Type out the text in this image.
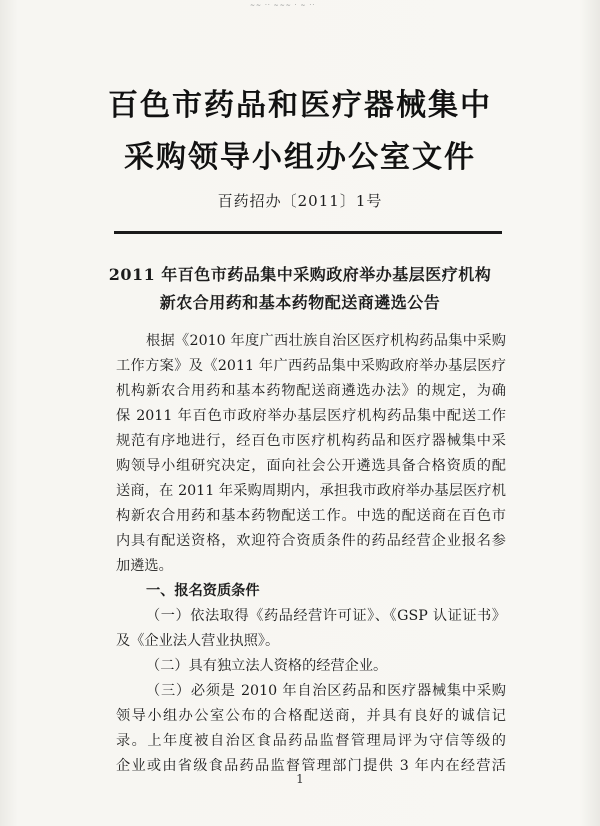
~~ ·· ~~~ · ~ ··
百色市药品和医疗器械集中
采购领导小组办公室文件
百药招办〔2011〕1号
2011 年百色市药品集中采购政府举办基层医疗机构
新农合用药和基本药物配送商遴选公告
根据《2010 年度广西壮族自治区医疗机构药品集中采购
工作方案》及《2011 年广西药品集中采购政府举办基层医疗
机构新农合用药和基本药物配送商遴选办法》的规定，为确
保 2011 年百色市政府举办基层医疗机构药品集中配送工作
规范有序地进行，经百色市医疗机构药品和医疗器械集中采
购领导小组研究决定，面向社会公开遴选具备合格资质的配
送商，在 2011 年采购周期内，承担我市政府举办基层医疗机
构新农合用药和基本药物配送工作。中选的配送商在百色市
内具有配送资格，欢迎符合资质条件的药品经营企业报名参
加遴选。
一、报名资质条件
（一）依法取得《药品经营许可证》、《GSP 认证证书》
及《企业法人营业执照》。
（二）具有独立法人资格的经营企业。
（三）必须是 2010 年自治区药品和医疗器械集中采购
领导小组办公室公布的合格配送商，并具有良好的诚信记
录。上年度被自治区食品药品监督管理局评为守信等级的
企业或由省级食品药品监督管理部门提供 3 年内在经营活
1
